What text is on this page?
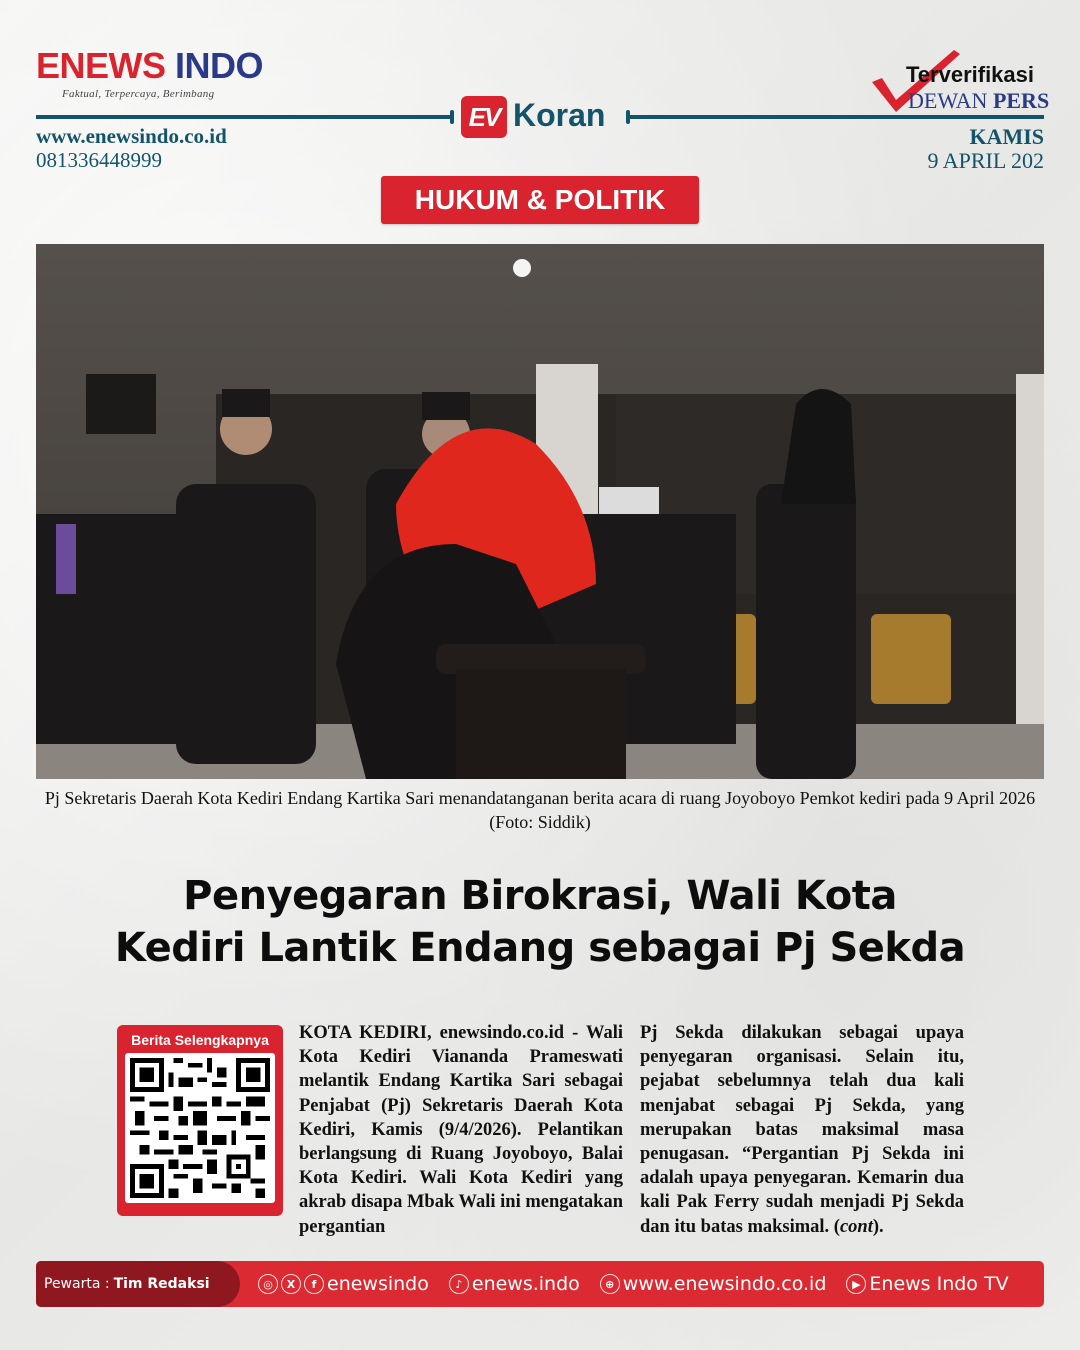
ENEWS INDO
Faktual, Terpercaya, Berimbang
www.enewsindo.co.id
081336448999
EV Koran
Terverifikasi
DEWAN PERS
KAMIS
9 APRIL 202
HUKUM & POLITIK
Pj Sekretaris Daerah Kota Kediri Endang Kartika Sari menandatanganan berita acara di ruang Joyoboyo Pemkot kediri pada 9 April 2026 (Foto: Siddik)
Penyegaran Birokrasi, Wali Kota
Kediri Lantik Endang sebagai Pj Sekda
Berita Selengkapnya	KOTA KEDIRI, enewsindo.co.id - Wali Kota Kediri Viananda Prameswati melantik Endang Kartika Sari sebagai Penjabat (Pj) Sekretaris Daerah Kota Kediri, Kamis (9/4/2026). Pelantikan berlangsung di Ruang Joyoboyo, Balai Kota Kediri. Wali Kota Kediri yang akrab disapa Mbak Wali ini mengatakan pergantian
Pj Sekda dilakukan sebagai upaya penyegaran organisasi. Selain itu, pejabat sebelumnya telah dua kali menjabat sebagai Pj Sekda, yang merupakan batas maksimal masa penugasan. “Pergantian Pj Sekda ini adalah upaya penyegaran. Kemarin dua kali Pak Ferry sudah menjadi Pj Sekda dan itu batas maksimal. (cont).
Pewarta : Tim Redaksi	◎	X	f enewsindo	♪ enews.indo	⊕ www.enewsindo.co.id	▶ Enews Indo TV
